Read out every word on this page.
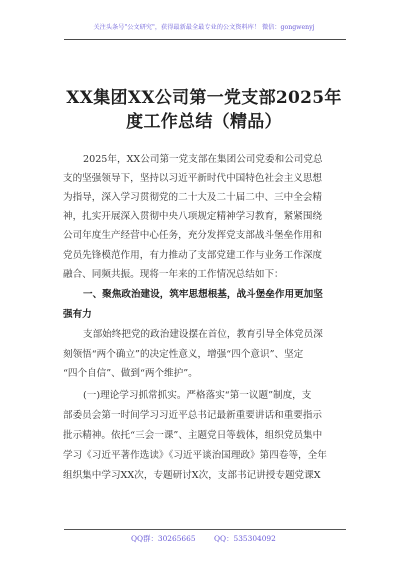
关注头条号"公文研究"，获得最新最全最专业的公文资料库！ 微信：gongwenyj
XX集团XX公司第一党支部2025年
度工作总结（精品）
2025年，XX公司第一党支部在集团公司党委和公司党总
支的坚强领导下，坚持以习近平新时代中国特色社会主义思想
为指导，深入学习贯彻党的二十大及二十届二中、三中全会精
神，扎实开展深入贯彻中央八项规定精神学习教育，紧紧围绕
公司年度生产经营中心任务，充分发挥党支部战斗堡垒作用和
党员先锋模范作用，有力推动了支部党建工作与业务工作深度
融合、同频共振。现将一年来的工作情况总结如下：
一、聚焦政治建设，筑牢思想根基，战斗堡垒作用更加坚
强有力
支部始终把党的政治建设摆在首位，教育引导全体党员深
刻领悟“两个确立”的决定性意义，增强“四个意识”、坚定
“四个自信”、做到“两个维护”。
(一)理论学习抓常抓实。严格落实“第一议题”制度，支
部委员会第一时间学习习近平总书记最新重要讲话和重要指示
批示精神。依托“三会一课”、主题党日等载体，组织党员集中
学习《习近平著作选读》《习近平谈治国理政》第四卷等，全年
组织集中学习XX次，专题研讨X次，支部书记讲授专题党课X
QQ群：30265665 QQ：535304092
